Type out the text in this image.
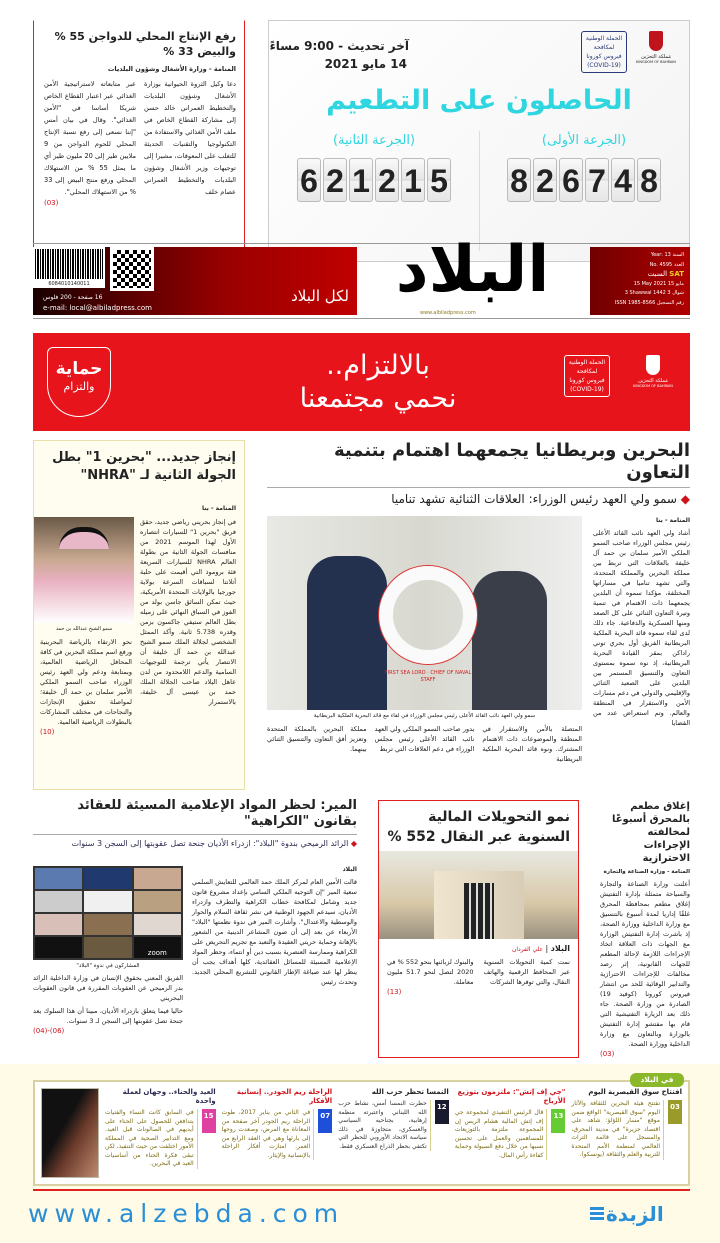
رفع الإنتاج المحلي للدواجن 55 % والبيض 33 %
المنامة - وزارة الأشغال وشؤون البلديات
دعا وكيل الثروة الحيوانية بوزارة الأشغال وشؤون البلديات والتخطيط العمراني خالد حسن إلى مشاركة القطاع الخاص في ملف الأمن الغذائي والاستفادة من التكنولوجيا والتقنيات الحديثة للتغلب على المعوقات، مشيرا إلى توجيهات وزير الأشغال وشؤون البلديات والتخطيط العمراني عصام خلف
عبر متابعاته لاستراتيجية الأمن الغذائي عبر اعتبار القطاع الخاص شريكا أساسا في "الأمن الغذائي". وقال في بيان أمس "إننا نسعى إلى رفع نسبة الإنتاج المحلي للحوم الدواجن من 9 ملايين طير إلى 20 مليون طير أي ما يمثل 55 % من الاستهلاك المحلي ورفع منتج البيض إلى 33 % من الاستهلاك المحلي".
(03)
مَملكة البَحرَين
KINGDOM OF BAHRAIN
الحملة الوطنية لمكافحة فيروس كورونا
(COVID-19)
آخر تحديث - 9:00 مساءً
14 مايو 2021
الحاصلون على التطعيم
(الجرعة الأولى)
8 2 6 7 4 8
(الجرعة الثانية)
6 2 1 2 1 5
6084010140011
16 صفحة - 200 فلوس
e-mail: local@albiladpress.com
لكل البلاد البلاد
www.albiladpress.com
Year: 13 السنة
No. 4595 العدد
السبت SAT
15 May 2021 15 مايو
3 Shawwal 1442 3 شوال
ISSN 1985-8566 رقم التسجيل
مَملكة البَحرَين
KINGDOM OF BAHRAIN
الحملة الوطنية لمكافحة فيروس كورونا
(COVID-19)
بالالتزام..
نحمي مجتمعنا
حماية
والتزام
البحرين وبريطانيا يجمعهما اهتمام بتنمية التعاون
◆ سمو ولي العهد رئيس الوزراء: العلاقات الثنائية تشهد تناميا
FIRST SEA LORD · CHIEF OF NAVAL STAFF
سمو ولي العهد نائب القائد الأعلى رئيس مجلس الوزراء في لقاء مع قائد البحرية الملكية البريطانية
المنامة - بنا
أشاد ولي العهد نائب القائد الأعلى رئيس مجلس الوزراء صاحب السمو الملكي الأمير سلمان بن حمد آل خليفة بالعلاقات التي تربط بين مملكة البحرين والمملكة المتحدة، والتي تشهد تناميا في مساراتها المختلفة، مؤكدا سموه أن البلدين يجمعهما ذات الاهتمام في تنمية وتيرة التعاون الثنائي على كل الصعد ومنها العسكرية والدفاعية. جاء ذلك لدى لقاء سموه قائد البحرية الملكية البريطانية الفريق أول بحري توني راداكن بمقر القيادة البحرية البريطانية، إذ نوه سموه بمستوى التعاون والتنسيق المستمر بين البلدين على الصعيد الثنائي والإقليمي والدولي في دعم مسارات الأمن والاستقرار في المنطقة والعالم. وتم استعراض عدد من القضايا
المتصلة بالأمن والاستقرار في المنطقة والموضوعات ذات الاهتمام المشترك. ونوه قائد البحرية الملكية البريطانية
بدور صاحب السمو الملكي ولي العهد نائب القائد الأعلى رئيس مجلس الوزراء في دعم العلاقات التي تربط
مملكة البحرين بالمملكة المتحدة وتعزيز أفق التعاون والتنسيق الثنائي بينهما.
إنجاز جديد... "بحرين 1" بطل الجولة الثانية لـ "NHRA"
المنامة - بنا
سمو الشيخ عبدالله بن حمد
في إنجاز بحريني رياضي جديد، حقق فريق "بحرين 1" للسيارات انتصاره الأول لهذا الموسم 2021 من منافسات الجولة الثانية من بطولة العالم NHRA للسيارات السريعة فئة بروموذ التي أقيمت على حلبة أتلانتا لسباقات السرعة بولاية جورجيا بالولايات المتحدة الأمريكية، حيث تمكن السائق جاسن بولد من الفوز في السباق النهائي على زميله بطل العالم ستيفي جاكسون بزمن وقدره 5.738 ثانية. وأكد الممثل الشخصي لجلالة الملك سمو الشيخ عبدالله بن حمد آل خليفة أن الانتصار يأتي ترجمة للتوجيهات السامية والدعم اللامحدود من لدن عاهل البلاد صاحب الجلالة الملك حمد بن عيسى آل خليفة، بالاستمرار
نحو الارتقاء بالرياضة البحرينية ورفع اسم مملكة البحرين في كافة المحافل الرياضية العالمية، وبمتابعة ودعم ولي العهد رئيس الوزراء صاحب السمو الملكي الأمير سلمان بن حمد آل خليفة؛ لمواصلة تحقيق الإنجازات والنجاحات في مختلف المشاركات بالبطولات الرياضية العالمية.
(10)
إغلاق مطعم بالمحرق أسبوعًا لمخالفته الإجراءات الاحترازية
المنامة - وزارة الصناعة والتجارة
أعلنت وزارة الصناعة والتجارة والسياحة متمثلة بإدارة التفتيش إغلاق مطعم بمحافظة المحرق غلقًا إداريا لمدة أسبوع بالتنسيق مع وزارة الداخلية ووزارة الصحة، إذ باشرت إدارة التفتيش الوزارة مع الجهات ذات العلاقة اتخاذ الإجراءات اللازمة لإحالة المطعم للجهات القانونية، إثر رصد مخالفات للإجراءات الاحترازية والتدابير الوقائية للحد من انتشار فيروس كورونا (كوفيد 19) الصادرة من وزارة الصحة. جاء ذلك بعد الزيارة التفتيشية التي قام بها مفتشو إدارة التفتيش بالوزارة وبالتعاون مع وزارة الداخلية ووزارة الصحة.
(03)
نمو التحويلات المالية السنوية عبر النقال 552 %
البلاد | علي الفردان
نمت كمية التحويلات السنوية عبر المحافظ الرقمية والهاتف النقال، والتي توفرها الشركات
والبنوك لزبائنها بنحو 552 % في 2020 لتصل لنحو 51.7 مليون معاملة.
(13)
المير: لحظر المواد الإعلامية المسيئة للعقائد بقانون "الكراهية"
◆ الرائد الرميحي بندوة "البلاد": ازدراء الأديان جنحة تصل عقوبتها إلى السجن 3 سنوات
zoom
المشاركون في ندوة "البلاد"
الفريق المعني بحقوق الإنسان في وزارة الداخلية الرائد بدر الرميحي عن العقوبات المقررة في قانون العقوبات البحريني
حاليا فيما يتعلق بازدراء الأديان، مبينا أن هذا السلوك يعد جنحة تصل عقوبتها إلى السجن لـ 3 سنوات.
(04)-(06)
البلاد
قالت الأمين العام لمركز الملك حمد العالمي للتعايش السلمي سعية المير "إن التوجيه الملكي السامي بإعداد مشروع قانون جديد وشامل لمكافحة خطاب الكراهية والتطرف وازدراء الأديان، سيدعم الجهود الوطنية في نشر ثقافة السلام والحوار والوسطية والاعتدال". وأشارت المير في ندوة نظمتها "البلاد" الأربعاء عن بعد إلى أن صون المشاعر الدينية من الشعور بالإهانة وحماية حريتي العقيدة والتعبد مع تجريم التحريض على الكراهية وممارسة العنصرية بسبب دين أو انتماء، وحظر المواد الإعلامية المسيئة للمسائل العقائدية، كلها أهداف يجب أن ينظر لها عند صياغة الإطار القانوني للتشريع المحلي الجديد. وتحدث رئيس
افتتاح سوق القيصرية اليوم
03
تفتتح هيئة البحرين للثقافة والآثار اليوم "سوق القيصرية" الواقع ضمن موقع "مسار اللؤلؤ: شاهد على اقتصاد جزيرة" في مدينة المحرق، والمسجل على قائمة التراث العالمي لمنظمة الأمم المتحدة للتربية والعلم والثقافة (يونسكو).
"جي إف إتش": ملتزمون بتوزيع الأرباح
13
قال الرئيس التنفيذي لمجموعة جي إف إتش المالية هشام الريس إن المجموعة ملتزمة بالتوزيعات للمساهمين والعمل على تحسين نسبها من خلال دفع السيولة وحماية كفاءة رأس المال.
النمسا تحظر حزب الله
12
حظرت النمسا أمس، نشاط حزب الله اللبناني واعتبرته منظمة إرهابية، بجناحيه السياسي والعسكري، متجاوزة في ذلك سياسة الاتحاد الأوروبي للحظر التي تكتفي بحظر الذراع العسكري فقط.
الراحلة ريم الجودر.. إنسانية الأفكار
07
في الثاني من يناير 2017، طوت الراحلة ريم الجودر آخر صفحة من المعاناة مع المرض، وصعدت روحها إلى بارئها وهي في العقد الرابع من العمر. امتازت أفكار الراحلة بالإنسانية والإيثار.
العيد والحناء.. وجهان لعملة واحدة
15
في السابق كانت النساء والفتيات يتدافعن للحصول على الحناء على أيديهم في الصالونات قبل العيد. ومع التدابير الصحية في المملكة الأمور اختلفت من حيث التنفيذ، لكن تبقى فكرة الحناء من أساسيات العيد في البحرين.
في البلاد
www.alzebda.com	الزبدة
